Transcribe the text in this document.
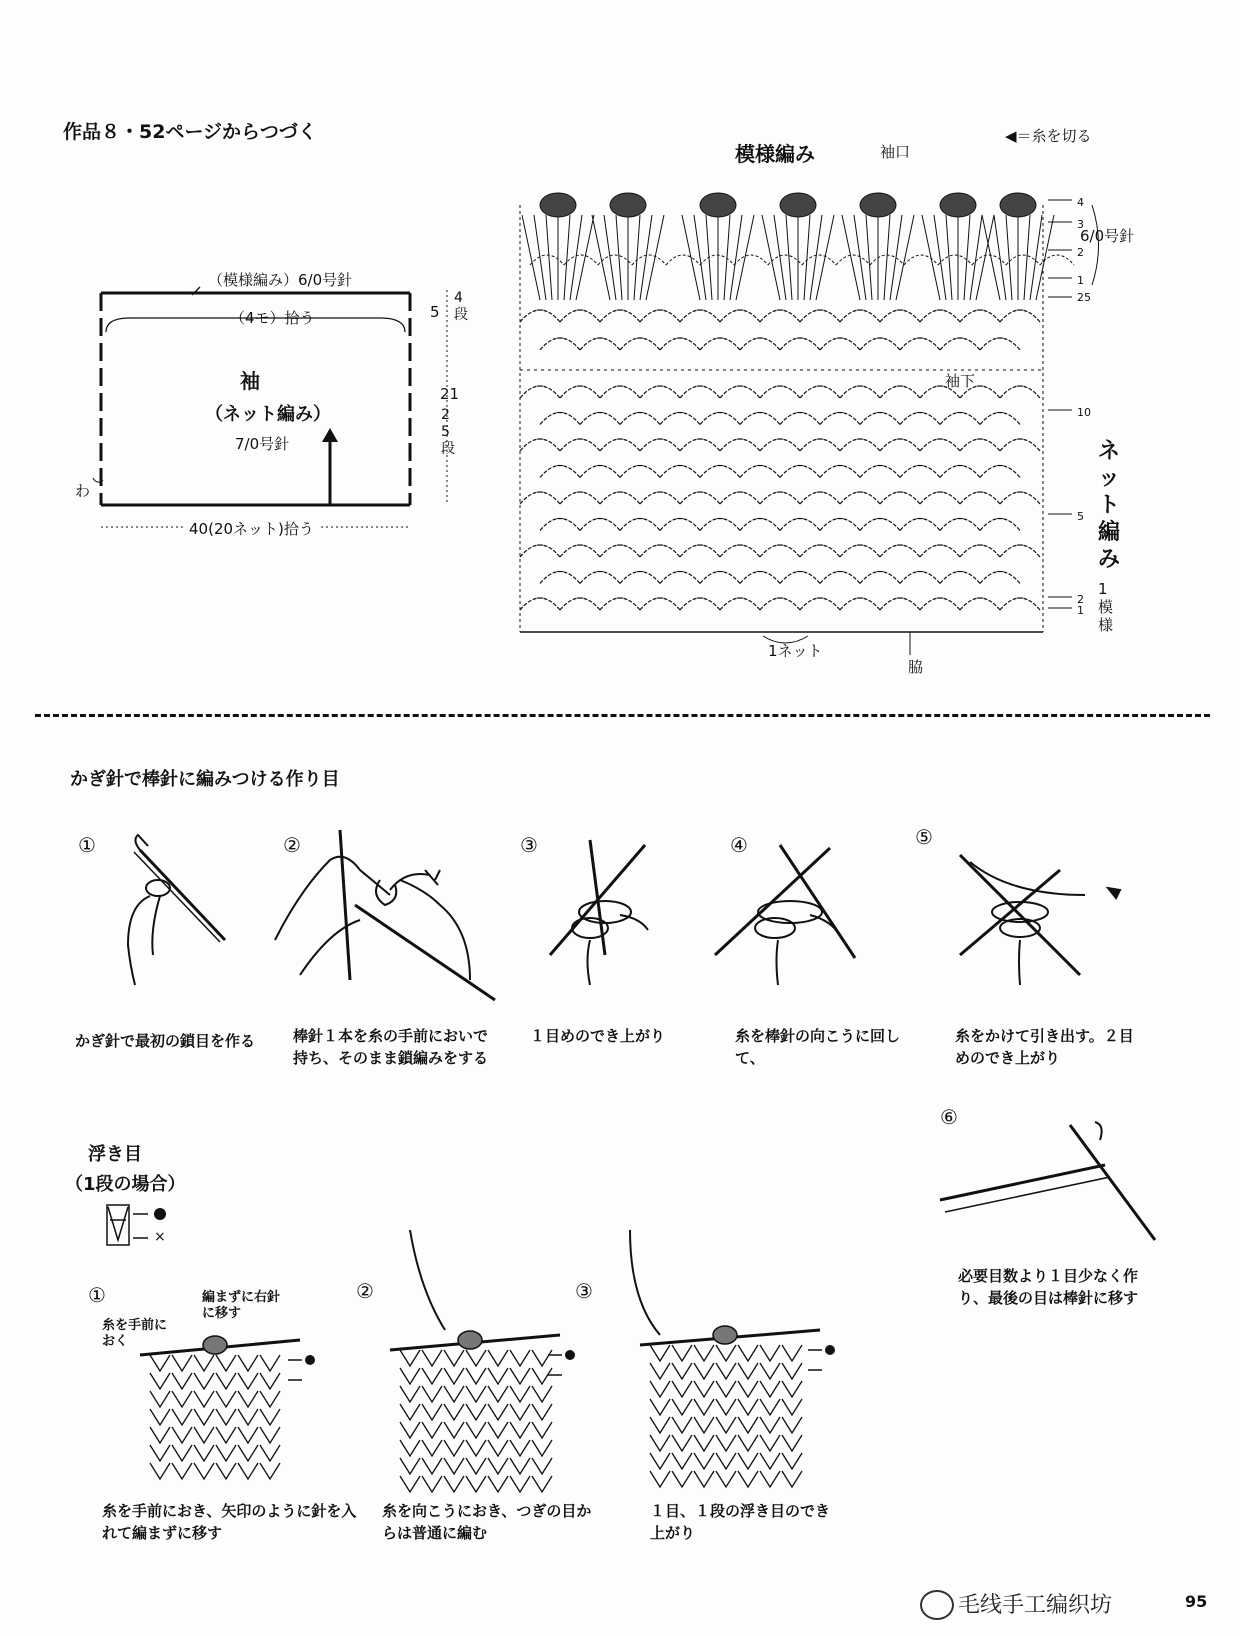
作品８・52ページからつづく
（模様編み）6/0号針
（4モ）拾う
袖
（ネット編み）
7/0号針
わ
40(20ネット)拾う
5
4段
21
25段
模様編み	袖口
◀＝糸を切る
6/0号針
袖下
ネット編み
1ネット
脇
1模様
4
3
2
1
25
10
5
2
1
かぎ針で棒針に編みつける作り目
①	②	③	④	⑤
⑥
かぎ針で最初の鎖目を作る	棒針１本を糸の手前においで持ち、そのまま鎖編みをする
１目めのでき上がり	糸を棒針の向こうに回して、
糸をかけて引き出す。２目めのでき上がり
必要目数より１目少なく作り、最後の目は棒針に移す
浮き目
（1段の場合）
×
①	②	③
糸を手前におく
編まずに右針に移す
糸を手前におき、矢印のように針を入れて編まずに移す
糸を向こうにおき、つぎの目からは普通に編む
１目、１段の浮き目のでき上がり
毛线手工编织坊	95
